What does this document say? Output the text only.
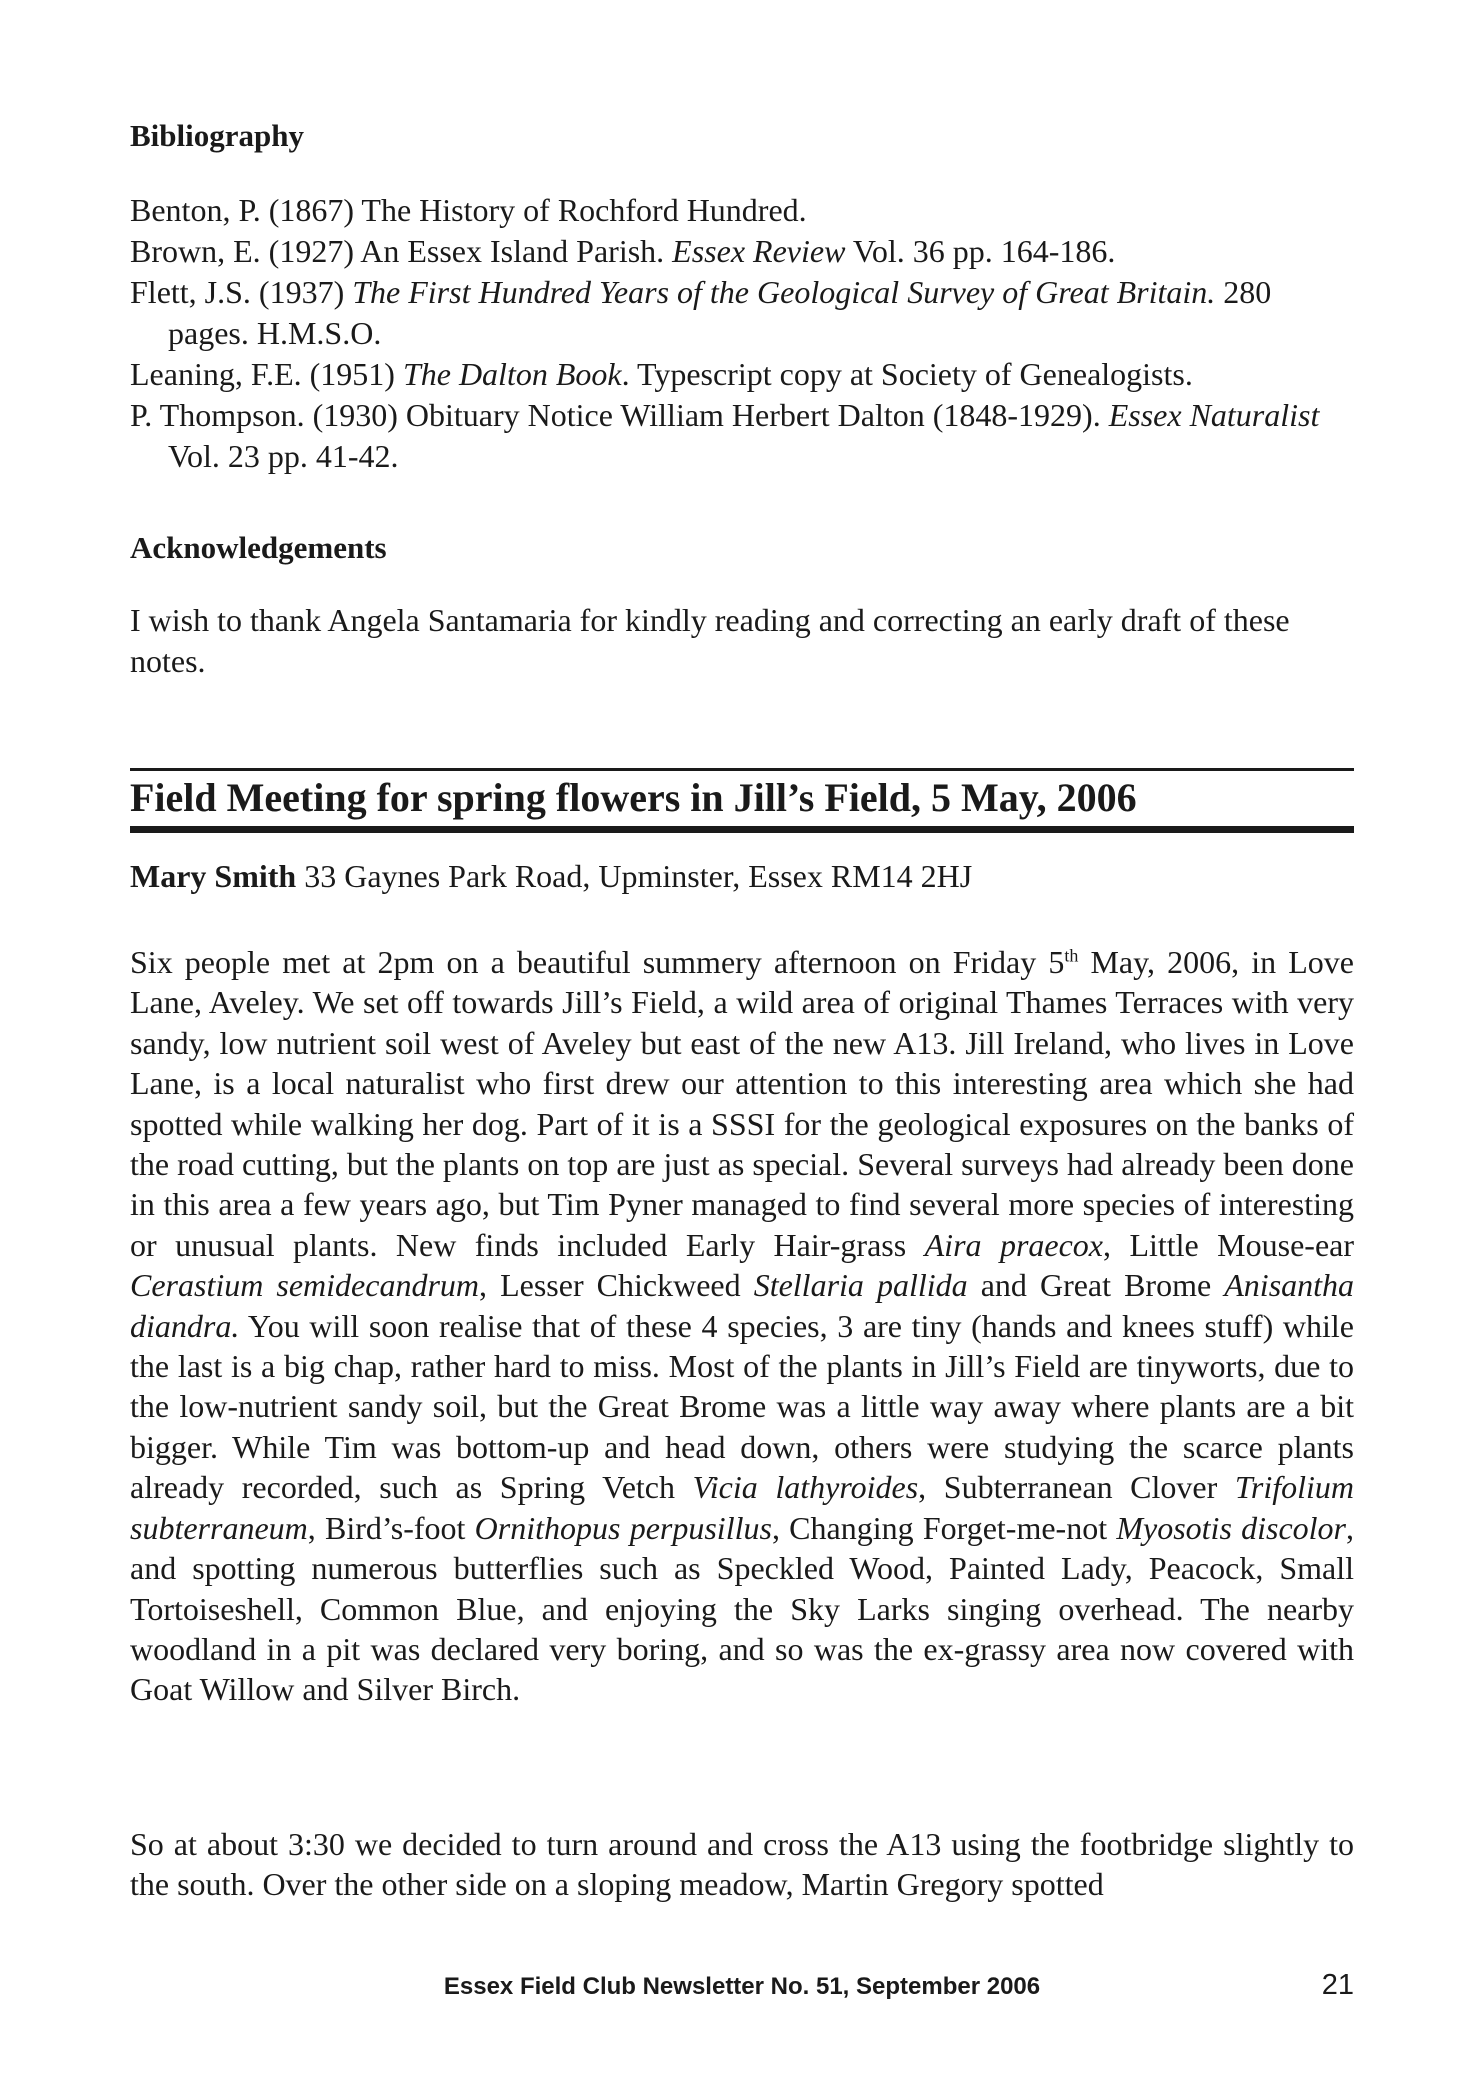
Bibliography
Benton, P. (1867) The History of Rochford Hundred.
Brown, E. (1927) An Essex Island Parish. Essex Review Vol. 36 pp. 164-186.
Flett, J.S. (1937) The First Hundred Years of the Geological Survey of Great Britain. 280 pages. H.M.S.O.
Leaning, F.E. (1951) The Dalton Book. Typescript copy at Society of Genealogists.
P. Thompson. (1930) Obituary Notice William Herbert Dalton (1848-1929). Essex Naturalist Vol. 23 pp. 41-42.
Acknowledgements

I wish to thank Angela Santamaria for kindly reading and correcting an early draft of these notes.

Field Meeting for spring flowers in Jill’s Field, 5 May, 2006

Mary Smith 33 Gaynes Park Road, Upminster, Essex RM14 2HJ

Six people met at 2pm on a beautiful summery afternoon on Friday 5th May, 2006, in Love Lane, Aveley. We set off towards Jill’s Field, a wild area of original Thames Terraces with very sandy, low nutrient soil west of Aveley but east of the new A13. Jill Ireland, who lives in Love Lane, is a local naturalist who first drew our attention to this interesting area which she had spotted while walking her dog. Part of it is a SSSI for the geological exposures on the banks of the road cutting, but the plants on top are just as special. Several surveys had already been done in this area a few years ago, but Tim Pyner managed to find several more species of interesting or unusual plants. New finds included Early Hair-grass Aira praecox, Little Mouse-ear Cerastium semidecandrum, Lesser Chickweed Stellaria pallida and Great Brome Anisantha diandra. You will soon realise that of these 4 species, 3 are tiny (hands and knees stuff) while the last is a big chap, rather hard to miss. Most of the plants in Jill’s Field are tinyworts, due to the low-nutrient sandy soil, but the Great Brome was a little way away where plants are a bit bigger. While Tim was bottom-up and head down, others were studying the scarce plants already recorded, such as Spring Vetch Vicia lathyroides, Subterranean Clover Trifolium subterraneum, Bird’s-foot Ornithopus perpusillus, Changing Forget-me-not Myosotis discolor, and spotting numerous butterflies such as Speckled Wood, Painted Lady, Peacock, Small Tortoiseshell, Common Blue, and enjoying the Sky Larks singing overhead. The nearby woodland in a pit was declared very boring, and so was the ex-grassy area now covered with Goat Willow and Silver Birch.

So at about 3:30 we decided to turn around and cross the A13 using the footbridge slightly to the south. Over the other side on a sloping meadow, Martin Gregory spotted

Essex Field Club Newsletter No. 51, September 2006	21
